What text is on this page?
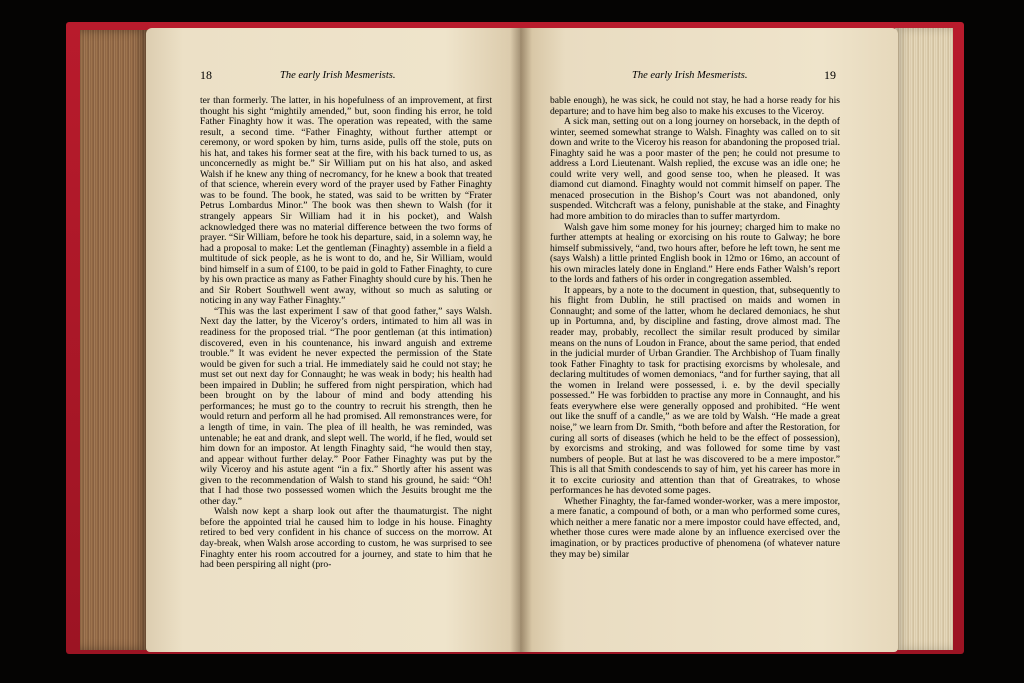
18	The early Irish Mesmerists.

ter than formerly. The latter, in his hopefulness of an improvement, at first thought his sight “mightily amended,” but, soon finding his error, he told Father Finaghty how it was. The operation was repeated, with the same result, a second time. “Father Finaghty, without further attempt or ceremony, or word spoken by him, turns aside, pulls off the stole, puts on his hat, and takes his former seat at the fire, with his back turned to us, as unconcernedly as might be.” Sir William put on his hat also, and asked Walsh if he knew any thing of necromancy, for he knew a book that treated of that science, wherein every word of the prayer used by Father Finaghty was to be found. The book, he stated, was said to be written by “Frater Petrus Lombardus Minor.” The book was then shewn to Walsh (for it strangely appears Sir William had it in his pocket), and Walsh acknowledged there was no material difference between the two forms of prayer. “Sir William, before he took his departure, said, in a solemn way, he had a proposal to make: Let the gentleman (Finaghty) assemble in a field a multitude of sick people, as he is wont to do, and he, Sir William, would bind himself in a sum of £100, to be paid in gold to Father Finaghty, to cure by his own practice as many as Father Finaghty should cure by his. Then he and Sir Robert Southwell went away, without so much as saluting or noticing in any way Father Finaghty.”

“This was the last experiment I saw of that good father,” says Walsh. Next day the latter, by the Viceroy’s orders, intimated to him all was in readiness for the proposed trial. “The poor gentleman (at this intimation) discovered, even in his countenance, his inward anguish and extreme trouble.” It was evident he never expected the permission of the State would be given for such a trial. He immediately said he could not stay; he must set out next day for Connaught; he was weak in body; his health had been impaired in Dublin; he suffered from night perspiration, which had been brought on by the labour of mind and body attending his performances; he must go to the country to recruit his strength, then he would return and perform all he had promised. All remonstrances were, for a length of time, in vain. The plea of ill health, he was reminded, was untenable; he eat and drank, and slept well. The world, if he fled, would set him down for an impostor. At length Finaghty said, “he would then stay, and appear without further delay.” Poor Father Finaghty was put by the wily Viceroy and his astute agent “in a fix.” Shortly after his assent was given to the recommendation of Walsh to stand his ground, he said: “Oh! that I had those two possessed women which the Jesuits brought me the other day.”

Walsh now kept a sharp look out after the thaumaturgist. The night before the appointed trial he caused him to lodge in his house. Finaghty retired to bed very confident in his chance of success on the morrow. At day-break, when Walsh arose according to custom, he was surprised to see Finaghty enter his room accoutred for a journey, and state to him that he had been perspiring all night (pro-

The early Irish Mesmerists.	19

bable enough), he was sick, he could not stay, he had a horse ready for his departure; and to have him beg also to make his excuses to the Viceroy.

A sick man, setting out on a long journey on horseback, in the depth of winter, seemed somewhat strange to Walsh. Finaghty was called on to sit down and write to the Viceroy his reason for abandoning the proposed trial. Finaghty said he was a poor master of the pen; he could not presume to address a Lord Lieutenant. Walsh replied, the excuse was an idle one; he could write very well, and good sense too, when he pleased. It was diamond cut diamond. Finaghty would not commit himself on paper. The menaced prosecution in the Bishop’s Court was not abandoned, only suspended. Witchcraft was a felony, punishable at the stake, and Finaghty had more ambition to do miracles than to suffer martyrdom.

Walsh gave him some money for his journey; charged him to make no further attempts at healing or exorcising on his route to Galway; he bore himself submissively, “and, two hours after, before he left town, he sent me (says Walsh) a little printed English book in 12mo or 16mo, an account of his own miracles lately done in England.” Here ends Father Walsh’s report to the lords and fathers of his order in congregation assembled.

It appears, by a note to the document in question, that, subsequently to his flight from Dublin, he still practised on maids and women in Connaught; and some of the latter, whom he declared demoniacs, he shut up in Portumna, and, by discipline and fasting, drove almost mad. The reader may, probably, recollect the similar result produced by similar means on the nuns of Loudon in France, about the same period, that ended in the judicial murder of Urban Grandier. The Archbishop of Tuam finally took Father Finaghty to task for practising exorcisms by wholesale, and declaring multitudes of women demoniacs, “and for further saying, that all the women in Ireland were possessed, i. e. by the devil specially possessed.” He was forbidden to practise any more in Connaught, and his feats everywhere else were generally opposed and prohibited. “He went out like the snuff of a candle,” as we are told by Walsh. “He made a great noise,” we learn from Dr. Smith, “both before and after the Restoration, for curing all sorts of diseases (which he held to be the effect of possession), by exorcisms and stroking, and was followed for some time by vast numbers of people. But at last he was discovered to be a mere impostor.” This is all that Smith condescends to say of him, yet his career has more in it to excite curiosity and attention than that of Greatrakes, to whose performances he has devoted some pages.

Whether Finaghty, the far-famed wonder-worker, was a mere impostor, a mere fanatic, a compound of both, or a man who performed some cures, which neither a mere fanatic nor a mere impostor could have effected, and, whether those cures were made alone by an influence exercised over the imagination, or by practices productive of phenomena (of whatever nature they may be) similar
